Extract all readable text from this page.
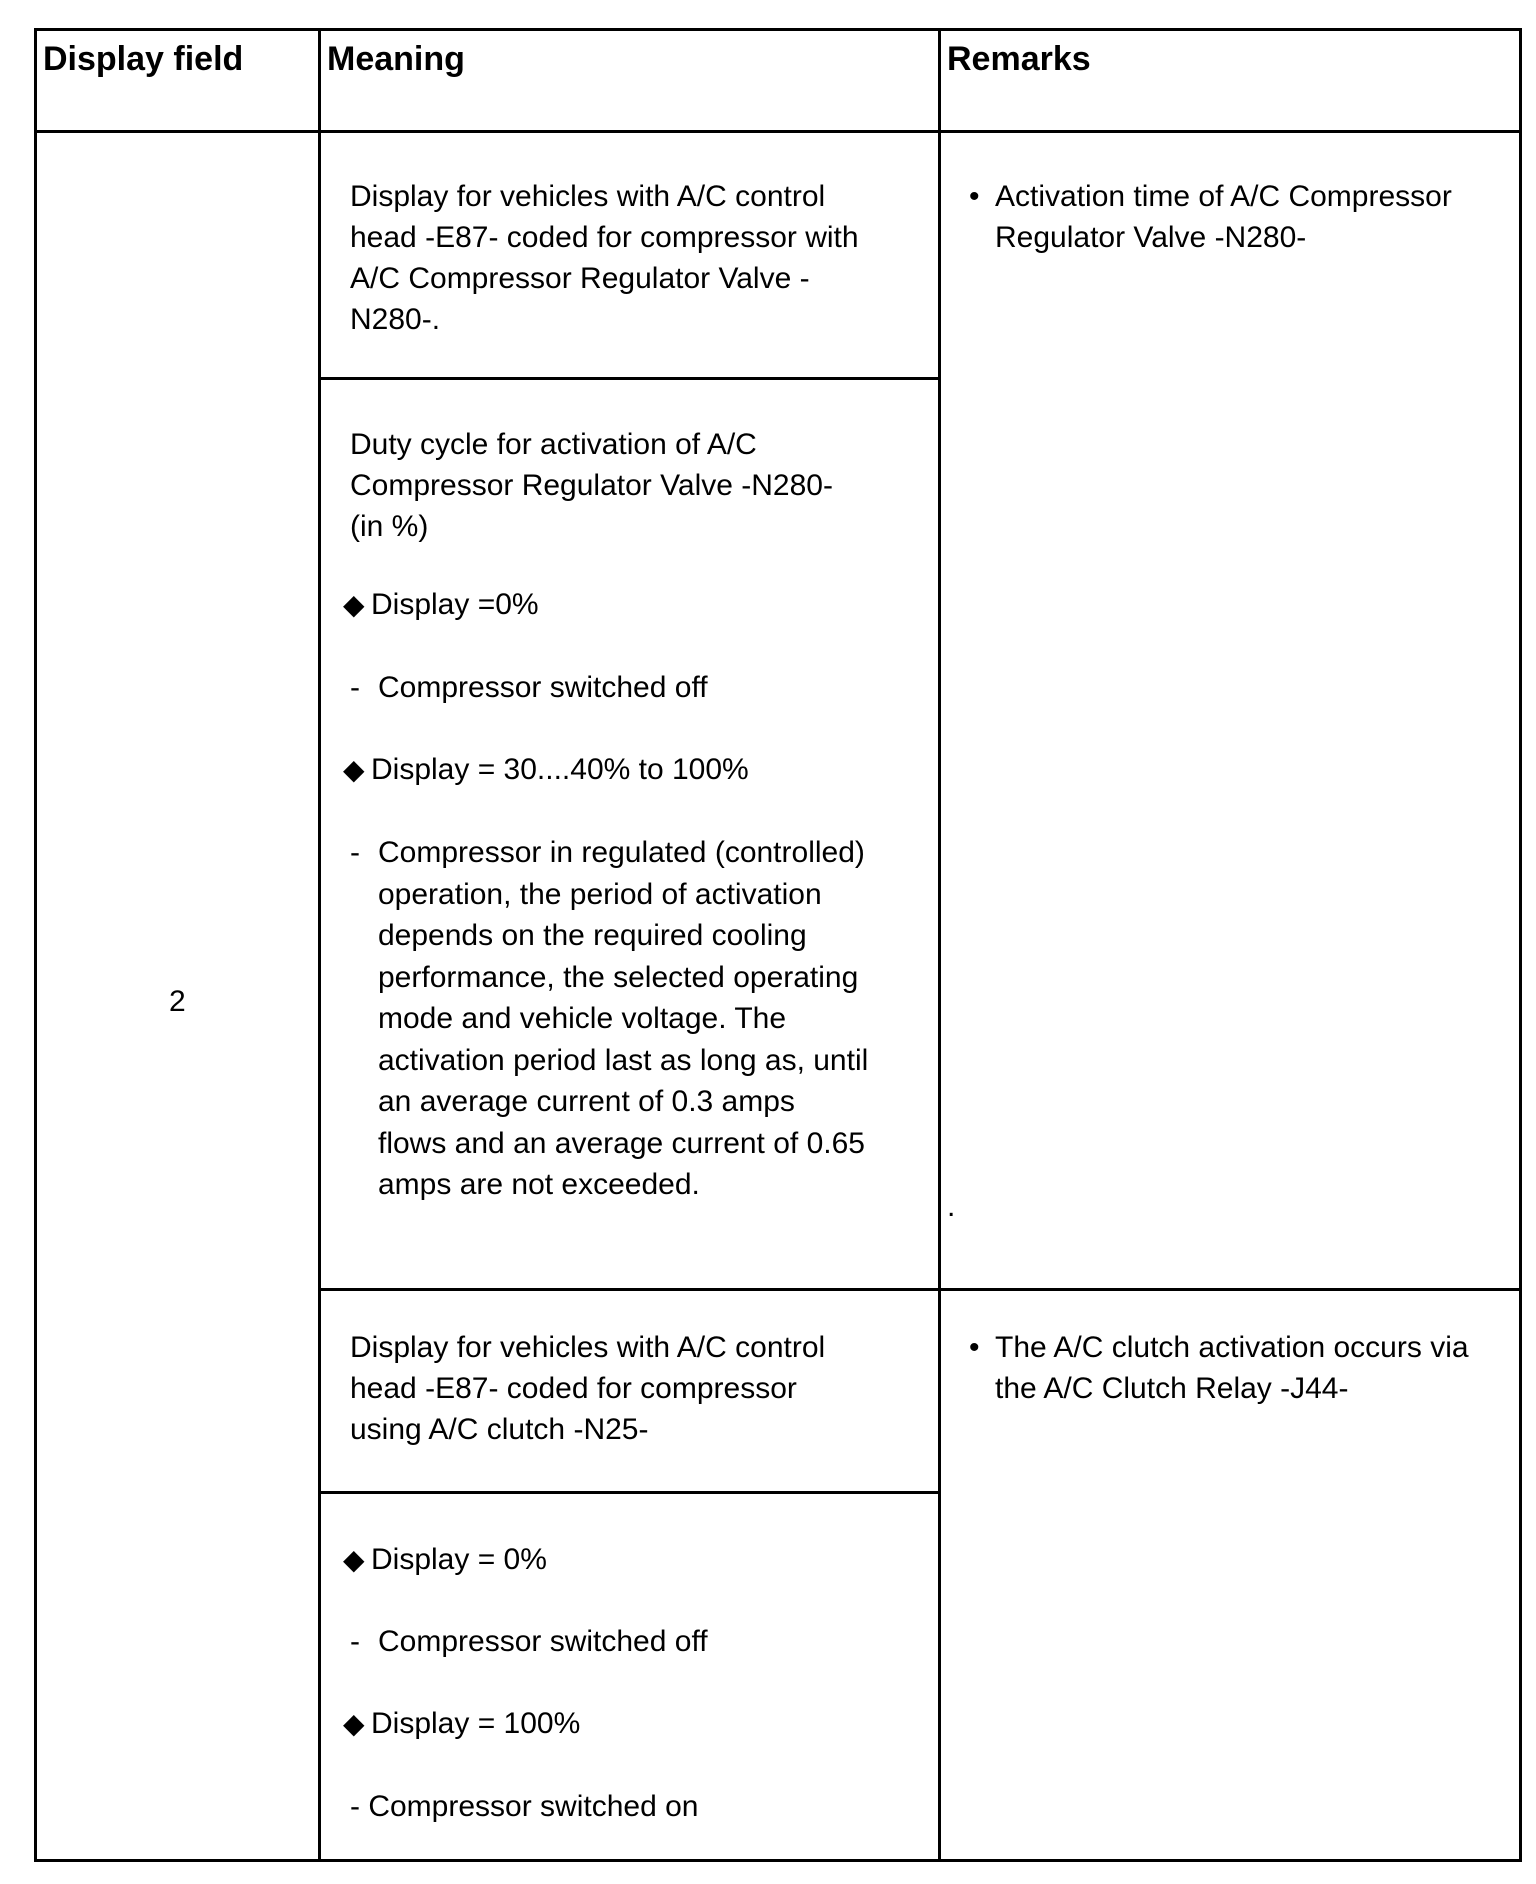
Display field Meaning	Remarks
2
Display for vehicles with A/C control head -E87- coded for compressor with A/C Compressor Regulator Valve -N280-.
Duty cycle for activation of A/C Compressor Regulator Valve -N280- (in %)
◆ Display =0%
- Compressor switched off
◆ Display = 30....40% to 100%
- Compressor in regulated (controlled) operation, the period of activation depends on the required cooling performance, the selected operating mode and vehicle voltage. The activation period last as long as, until an average current of 0.3 amps flows and an average current of 0.65 amps are not exceeded.
Display for vehicles with A/C control head -E87- coded for compressor using A/C clutch -N25-
◆ Display = 0%
- Compressor switched off
◆ Display = 100%
- Compressor switched on
• Activation time of A/C Compressor Regulator Valve -N280-
.
• The A/C clutch activation occurs via the A/C Clutch Relay -J44-
